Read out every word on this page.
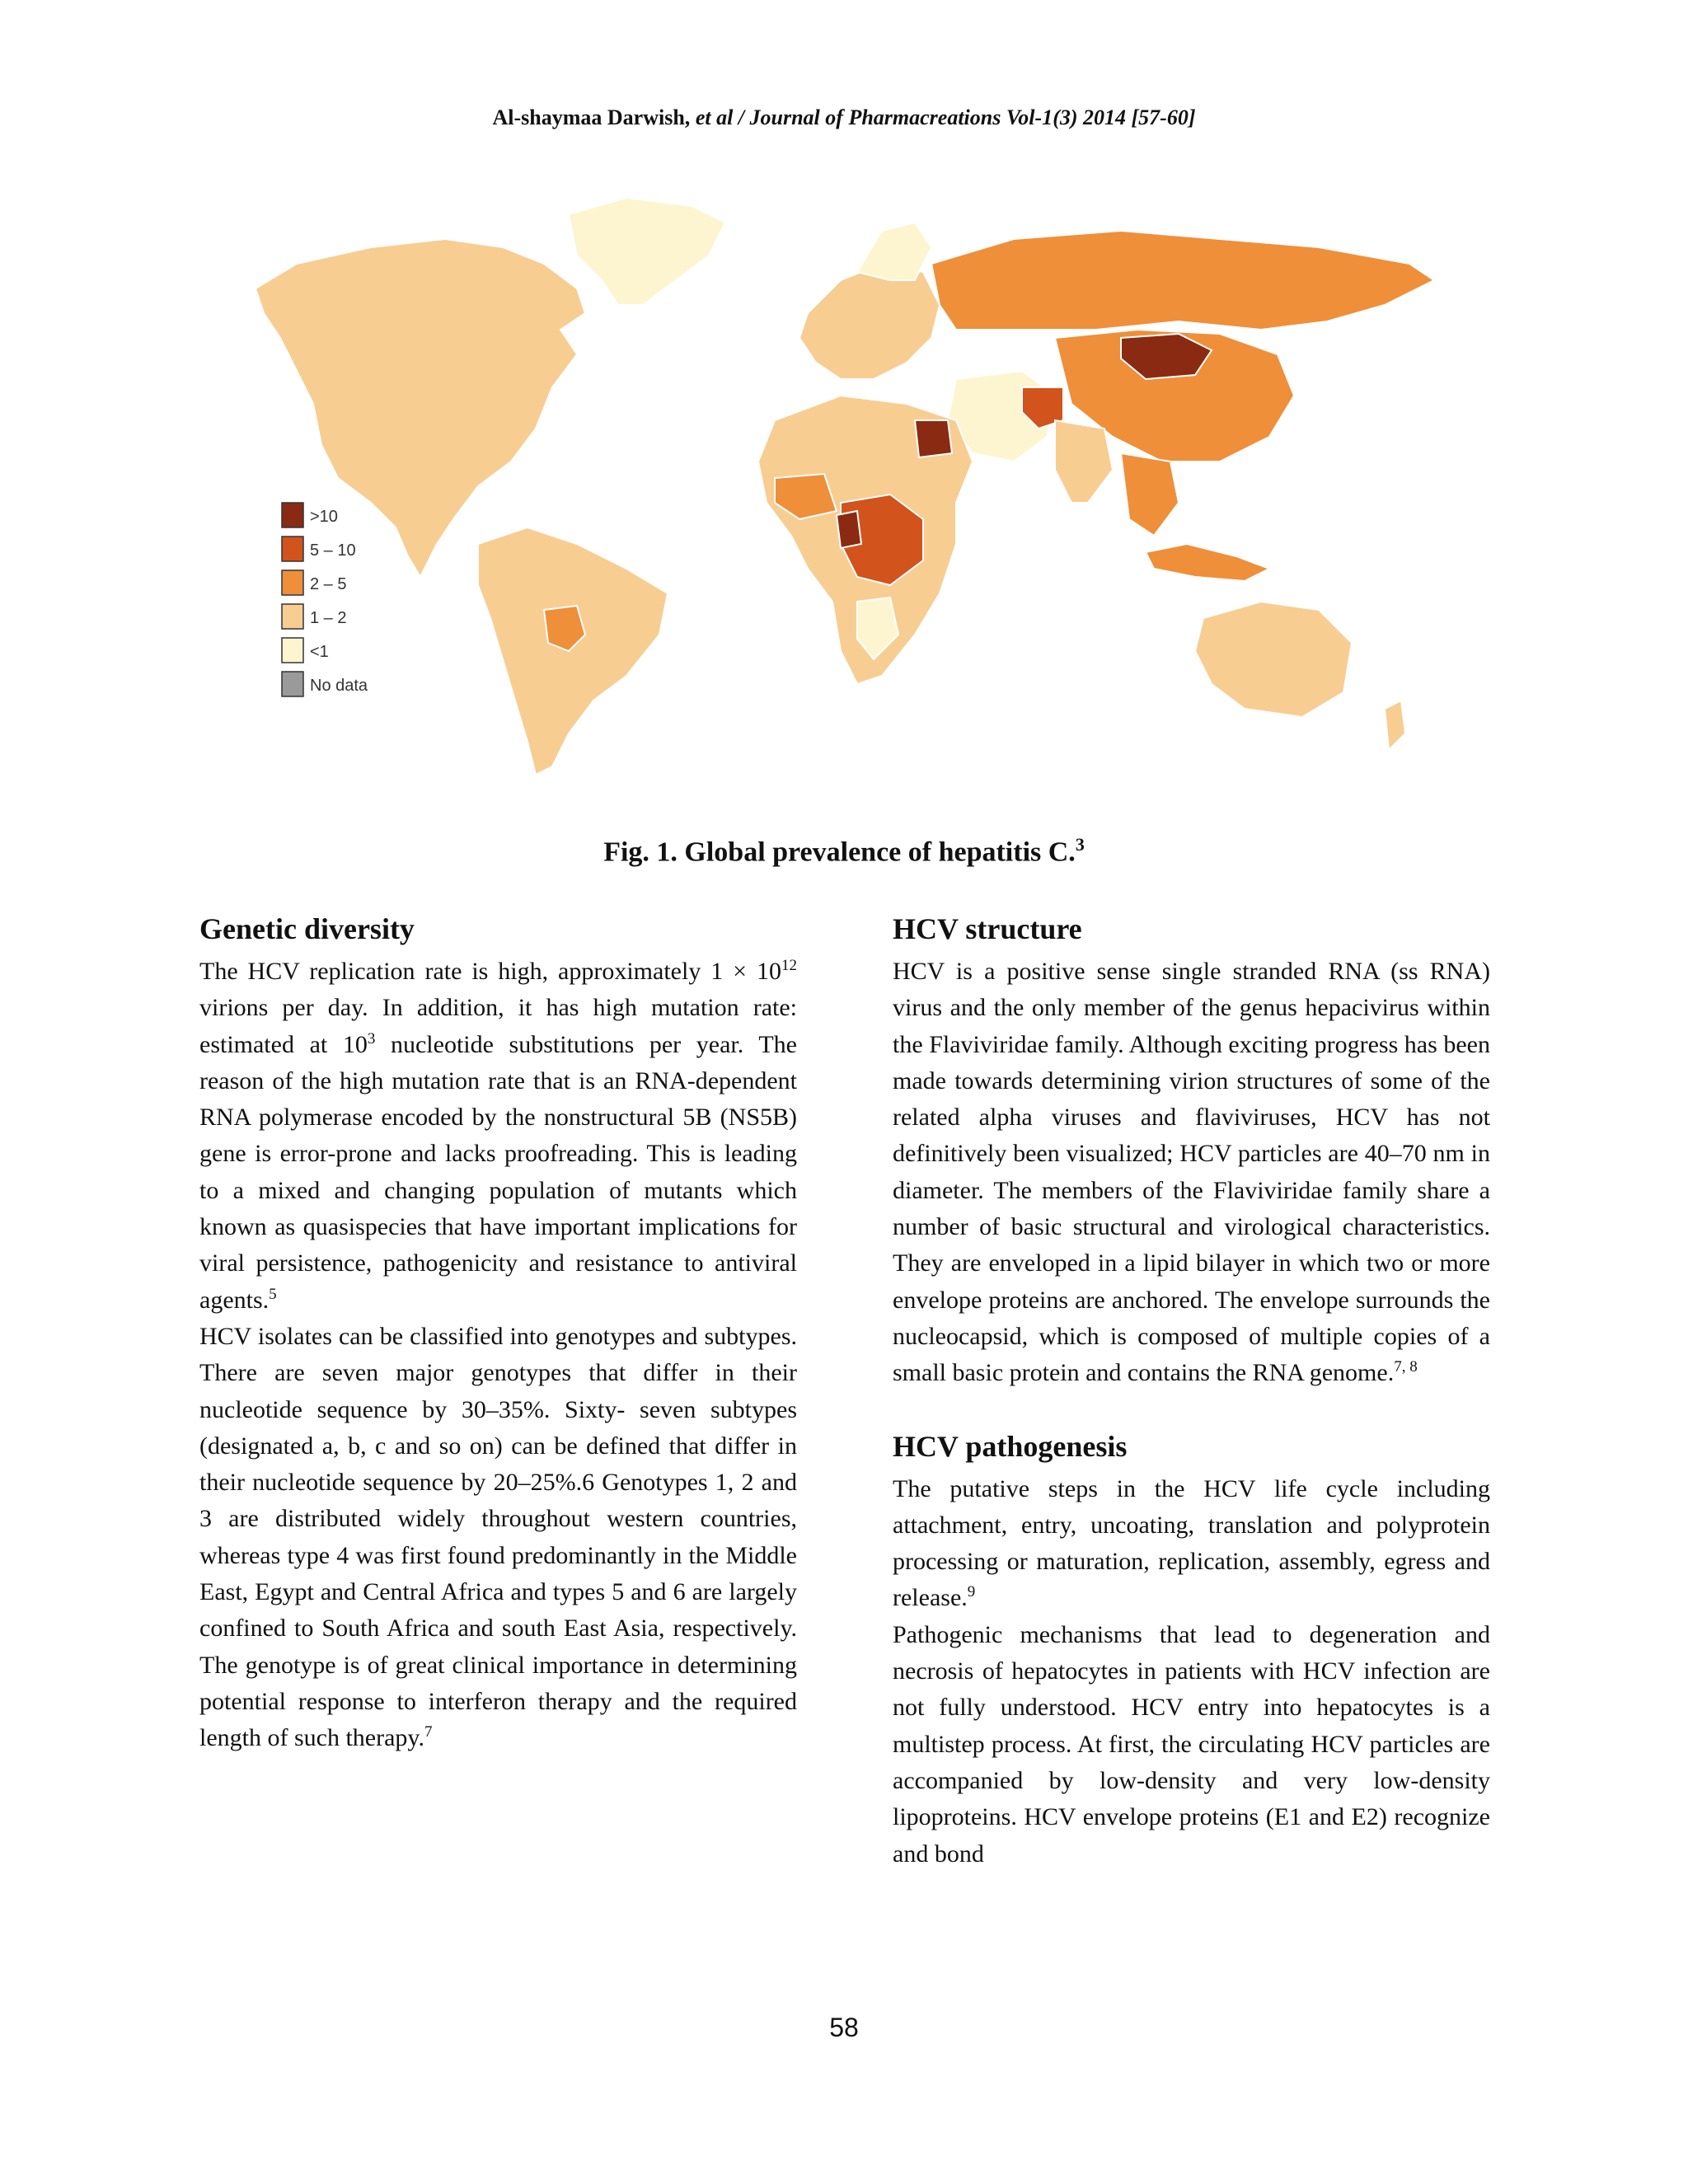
Al-shaymaa Darwish, et al / Journal of Pharmacreations Vol-1(3) 2014 [57-60]
>10
5 – 10
2 – 5
1 – 2
<1
No data
Fig. 1. Global prevalence of hepatitis C.$^3$
Genetic diversity

The HCV replication rate is high, approximately $1 \times 10^{12}$ virions per day. In addition, it has high mutation rate: estimated at $10^3$ nucleotide substitutions per year. The reason of the high mutation rate that is an RNA-dependent RNA polymerase encoded by the nonstructural 5B (NS5B) gene is error-prone and lacks proofreading. This is leading to a mixed and changing population of mutants which known as quasispecies that have important implications for viral persistence, pathogenicity and resistance to antiviral agents.$^5$

HCV isolates can be classified into genotypes and subtypes. There are seven major genotypes that differ in their nucleotide sequence by 30–35%. Sixty- seven subtypes (designated a, b, c and so on) can be defined that differ in their nucleotide sequence by 20–25%.6 Genotypes 1, 2 and 3 are distributed widely throughout western countries, whereas type 4 was first found predominantly in the Middle East, Egypt and Central Africa and types 5 and 6 are largely confined to South Africa and south East Asia, respectively. The genotype is of great clinical importance in determining potential response to interferon therapy and the required length of such therapy.$^7$

HCV structure

HCV is a positive sense single stranded RNA (ss RNA) virus and the only member of the genus hepacivirus within the Flaviviridae family. Although exciting progress has been made towards determining virion structures of some of the related alpha viruses and flaviviruses, HCV has not definitively been visualized; HCV particles are 40–70 nm in diameter. The members of the Flaviviridae family share a number of basic structural and virological characteristics. They are enveloped in a lipid bilayer in which two or more envelope proteins are anchored. The envelope surrounds the nucleocapsid, which is composed of multiple copies of a small basic protein and contains the RNA genome.$^{7, 8}$

HCV pathogenesis

The putative steps in the HCV life cycle including attachment, entry, uncoating, translation and polyprotein processing or maturation, replication, assembly, egress and release.$^9$

Pathogenic mechanisms that lead to degeneration and necrosis of hepatocytes in patients with HCV infection are not fully understood. HCV entry into hepatocytes is a multistep process. At first, the circulating HCV particles are accompanied by low-density and very low-density lipoproteins. HCV envelope proteins (E1 and E2) recognize and bond

58
